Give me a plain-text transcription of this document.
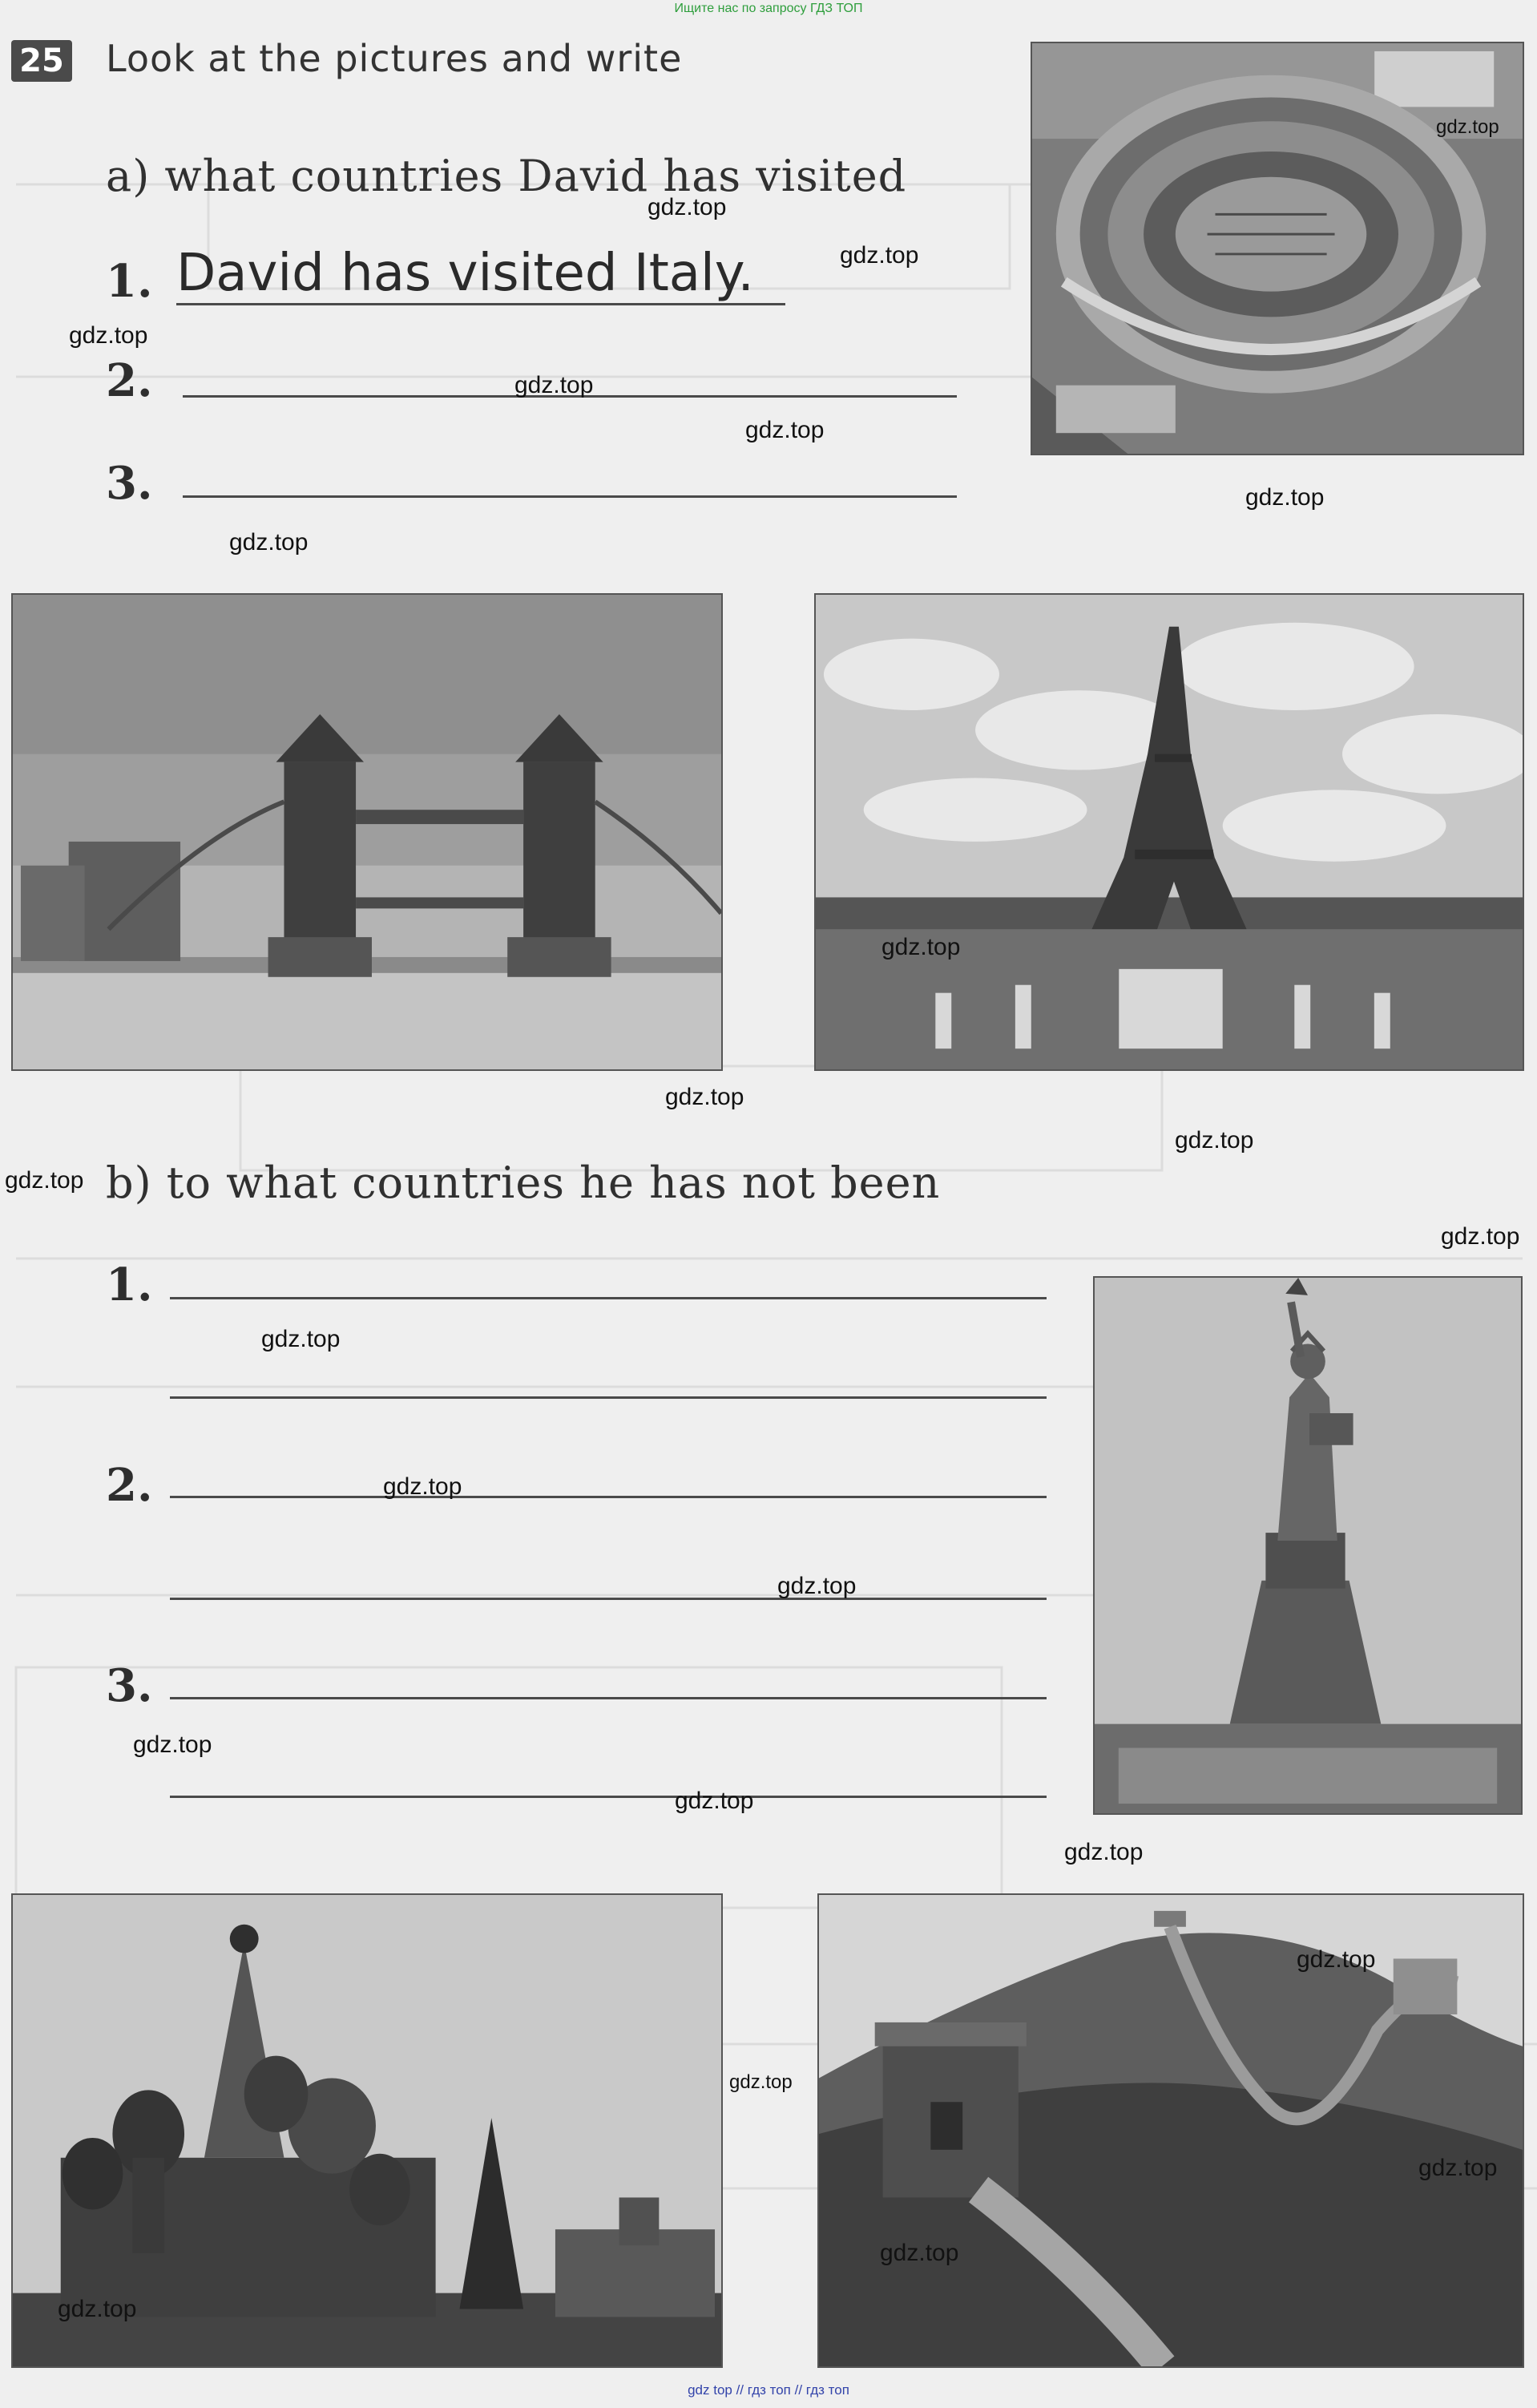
Ищите нас по запросу ГДЗ ТОП
25 Look at the pictures and write
a) what countries David has visited
1. David has visited Italy.
2.
3.
gdz.top
gdz.top
b) to what countries he has not been
1.
2.
3.
gdz.top
gdz.top
gdz.top
gdz.top
gdz.top
gdz.top
gdz.top
gdz.top
gdz.top
gdz.top
gdz.top
gdz.top
gdz.top
gdz.top
gdz.top
gdz.top
gdz.top
gdz.top
gdz.top
gdz.top
gdz.top
gdz.top
gdz top // гдз топ // гдз топ
